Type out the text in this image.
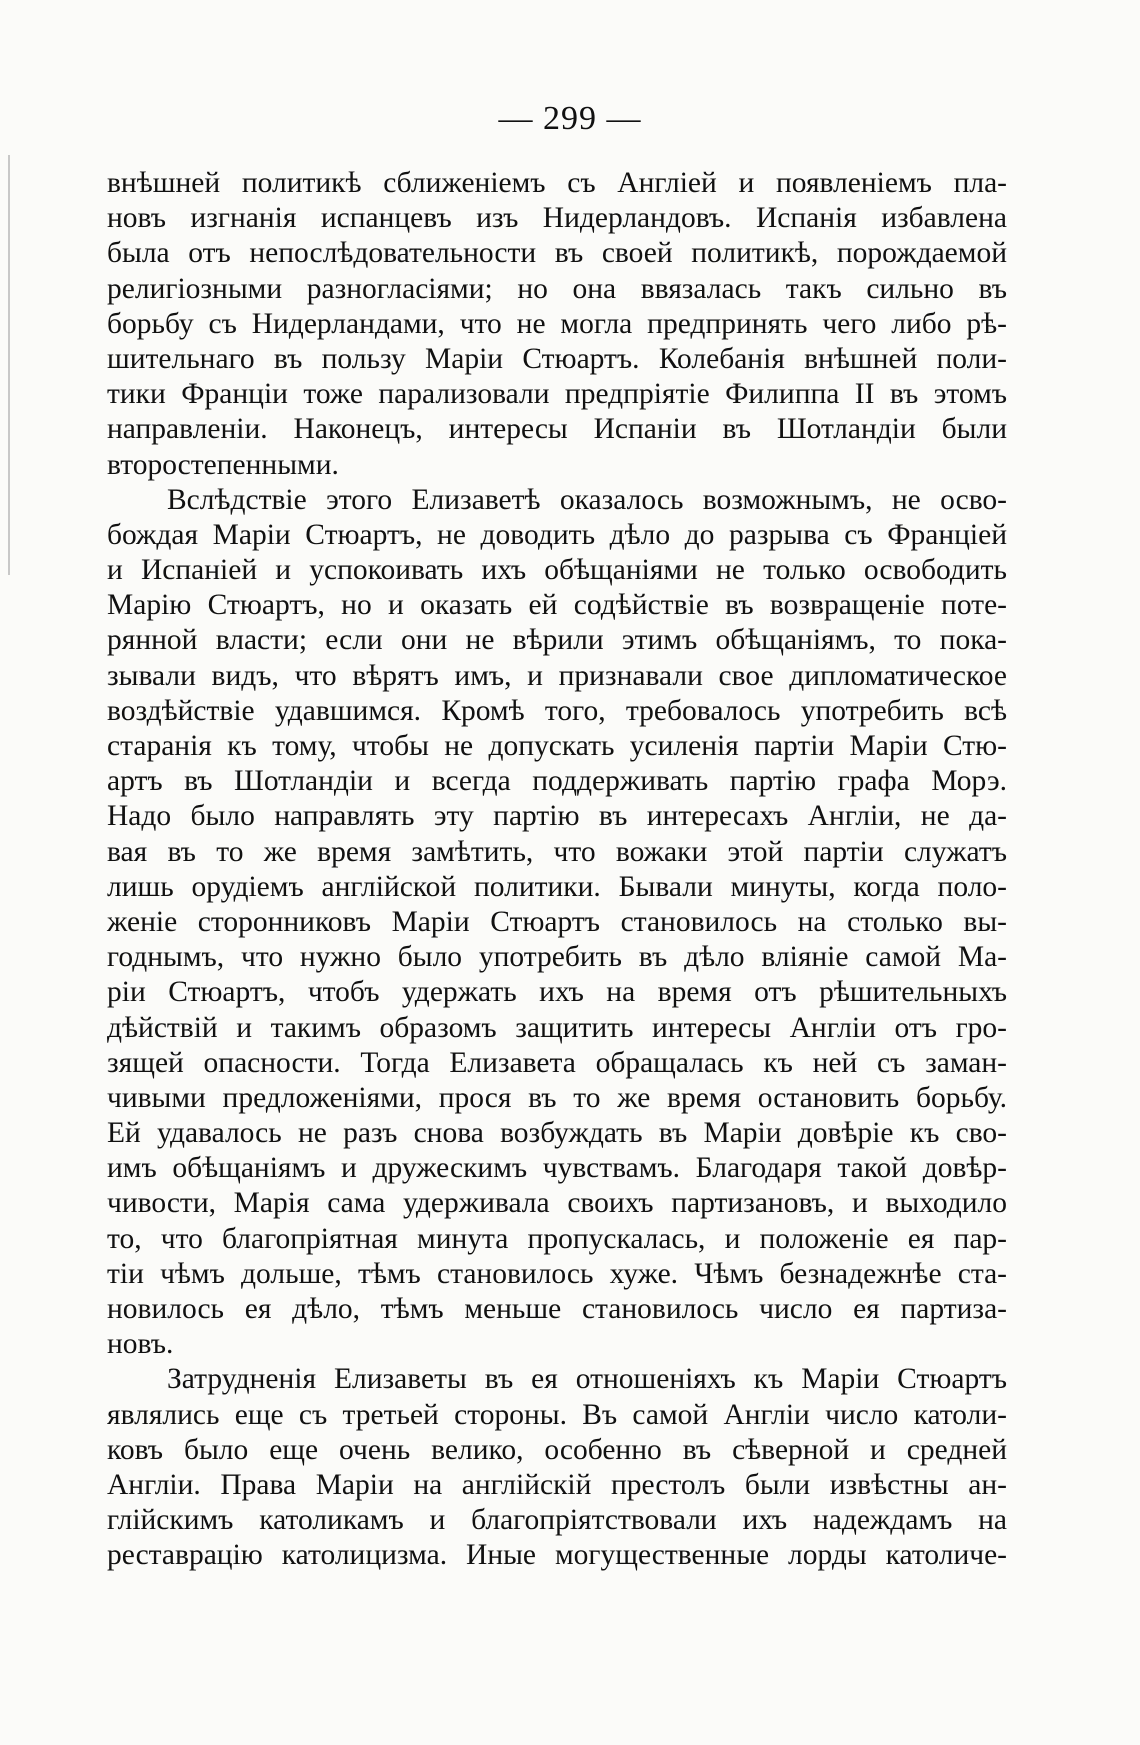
— 299 —
внѣшней политикѣ сближеніемъ съ Англіей и появленіемъ пла-
новъ изгнанія испанцевъ изъ Нидерландовъ. Испанія избавлена
была отъ непослѣдовательности въ своей политикѣ, порождаемой
религіозными разногласіями; но она ввязалась такъ сильно въ
борьбу съ Нидерландами, что не могла предпринять чего либо рѣ-
шительнаго въ пользу Маріи Стюартъ. Колебанія внѣшней поли-
тики Франціи тоже парализовали предпріятіе Филиппа II въ этомъ
направленіи. Наконецъ, интересы Испаніи въ Шотландіи были
второстепенными.
Вслѣдствіе этого Елизаветѣ оказалось возможнымъ, не осво-
бождая Маріи Стюартъ, не доводить дѣло до разрыва съ Франціей
и Испаніей и успокоивать ихъ обѣщаніями не только освободить
Марію Стюартъ, но и оказать ей содѣйствіе въ возвращеніе поте-
рянной власти; если они не вѣрили этимъ обѣщаніямъ, то пока-
зывали видъ, что вѣрятъ имъ, и признавали свое дипломатическое
воздѣйствіе удавшимся. Кромѣ того, требовалось употребить всѣ
старанія къ тому, чтобы не допускать усиленія партіи Маріи Стю-
артъ въ Шотландіи и всегда поддерживать партію графа Морэ.
Надо было направлять эту партію въ интересахъ Англіи, не да-
вая въ то же время замѣтить, что вожаки этой партіи служатъ
лишь орудіемъ англійской политики. Бывали минуты, когда поло-
женіе сторонниковъ Маріи Стюартъ становилось на столько вы-
годнымъ, что нужно было употребить въ дѣло вліяніе самой Ма-
ріи Стюартъ, чтобъ удержать ихъ на время отъ рѣшительныхъ
дѣйствій и такимъ образомъ защитить интересы Англіи отъ гро-
зящей опасности. Тогда Елизавета обращалась къ ней съ заман-
чивыми предложеніями, прося въ то же время остановить борьбу.
Ей удавалось не разъ снова возбуждать въ Маріи довѣріе къ сво-
имъ обѣщаніямъ и дружескимъ чувствамъ. Благодаря такой довѣр-
чивости, Марія сама удерживала своихъ партизановъ, и выходило
то, что благопріятная минута пропускалась, и положеніе ея пар-
тіи чѣмъ дольше, тѣмъ становилось хуже. Чѣмъ безнадежнѣе ста-
новилось ея дѣло, тѣмъ меньше становилось число ея партиза-
новъ.
Затрудненія Елизаветы въ ея отношеніяхъ къ Маріи Стюартъ
являлись еще съ третьей стороны. Въ самой Англіи число католи-
ковъ было еще очень велико, особенно въ сѣверной и средней
Англіи. Права Маріи на англійскій престолъ были извѣстны ан-
глійскимъ католикамъ и благопріятствовали ихъ надеждамъ на
реставрацію католицизма. Иные могущественные лорды католиче-
